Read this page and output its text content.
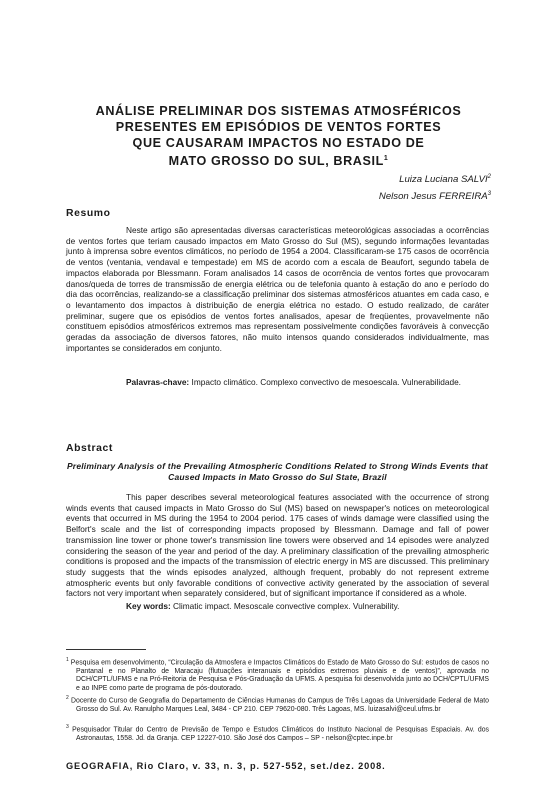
ANÁLISE PRELIMINAR DOS SISTEMAS ATMOSFÉRICOS
PRESENTES EM EPISÓDIOS DE VENTOS FORTES
QUE CAUSARAM IMPACTOS NO ESTADO DE
MATO GROSSO DO SUL, BRASIL$^1$
Luiza Luciana SALVI$^2$
Nelson Jesus FERREIRA$^3$
Resumo
Neste artigo são apresentadas diversas características meteorológicas associadas a ocorrências de ventos fortes que teriam causado impactos em Mato Grosso do Sul (MS), segundo informações levantadas junto à imprensa sobre eventos climáticos, no período de 1954 a 2004. Classificaram-se 175 casos de ocorrência de ventos (ventania, vendaval e tempestade) em MS de acordo com a escala de Beaufort, segundo tabela de impactos elaborada por Blessmann. Foram analisados 14 casos de ocorrência de ventos fortes que provocaram danos/queda de torres de transmissão de energia elétrica ou de telefonia quanto à estação do ano e período do dia das ocorrências, realizando-se a classificação preliminar dos sistemas atmosféricos atuantes em cada caso, e o levantamento dos impactos à distribuição de energia elétrica no estado. O estudo realizado, de caráter preliminar, sugere que os episódios de ventos fortes analisados, apesar de freqüentes, provavelmente não constituem episódios atmosféricos extremos mas representam possivelmente condições favoráveis à convecção geradas da associação de diversos fatores, não muito intensos quando considerados individualmente, mas importantes se considerados em conjunto.
Palavras-chave: Impacto climático. Complexo convectivo de mesoescala. Vulnerabilidade.
Abstract
Preliminary Analysis of the Prevailing Atmospheric Conditions Related to Strong Winds Events that Caused Impacts in Mato Grosso do Sul State, Brazil
This paper describes several meteorological features associated with the occurrence of strong winds events that caused impacts in Mato Grosso do Sul (MS) based on newspaper's notices on meteorological events that occurred in MS during the 1954 to 2004 period. 175 cases of winds damage were classified using the Belfort's scale and the list of corresponding impacts proposed by Blessmann. Damage and fall of power transmission line tower or phone tower's transmission line towers were observed and 14 episodes were analyzed considering the season of the year and period of the day. A preliminary classification of the prevailing atmospheric conditions is proposed and the impacts of the transmission of electric energy in MS are discussed. This preliminary study suggests that the winds episodes analyzed, although frequent, probably do not represent extreme atmospheric events but only favorable conditions of convective activity generated by the association of several factors not very important when separately considered, but of significant importance if considered as a whole.
Key words: Climatic impact. Mesoscale convective complex. Vulnerability.
$^1$ Pesquisa em desenvolvimento, “Circulação da Atmosfera e Impactos Climáticos do Estado de Mato Grosso do Sul: estudos de casos no Pantanal e no Planalto de Maracaju (flutuações interanuais e episódios extremos pluviais e de ventos)”, aprovada no DCH/CPTL/UFMS e na Pró-Reitoria de Pesquisa e Pós-Graduação da UFMS. A pesquisa foi desenvolvida junto ao DCH/CPTL/UFMS e ao INPE como parte de programa de pós-doutorado.
$^2$ Docente do Curso de Geografia do Departamento de Ciências Humanas do Campus de Três Lagoas da Universidade Federal de Mato Grosso do Sul. Av. Ranulpho Marques Leal, 3484 - CP 210. CEP 79620-080. Três Lagoas, MS. luizasalvi@ceul.ufms.br
$^3$ Pesquisador Titular do Centro de Previsão de Tempo e Estudos Climáticos do Instituto Nacional de Pesquisas Espaciais. Av. dos Astronautas, 1558. Jd. da Granja. CEP 12227-010. São José dos Campos – SP - nelson@cptec.inpe.br
GEOGRAFIA, Rio Claro, v. 33, n. 3, p. 527-552, set./dez. 2008.
